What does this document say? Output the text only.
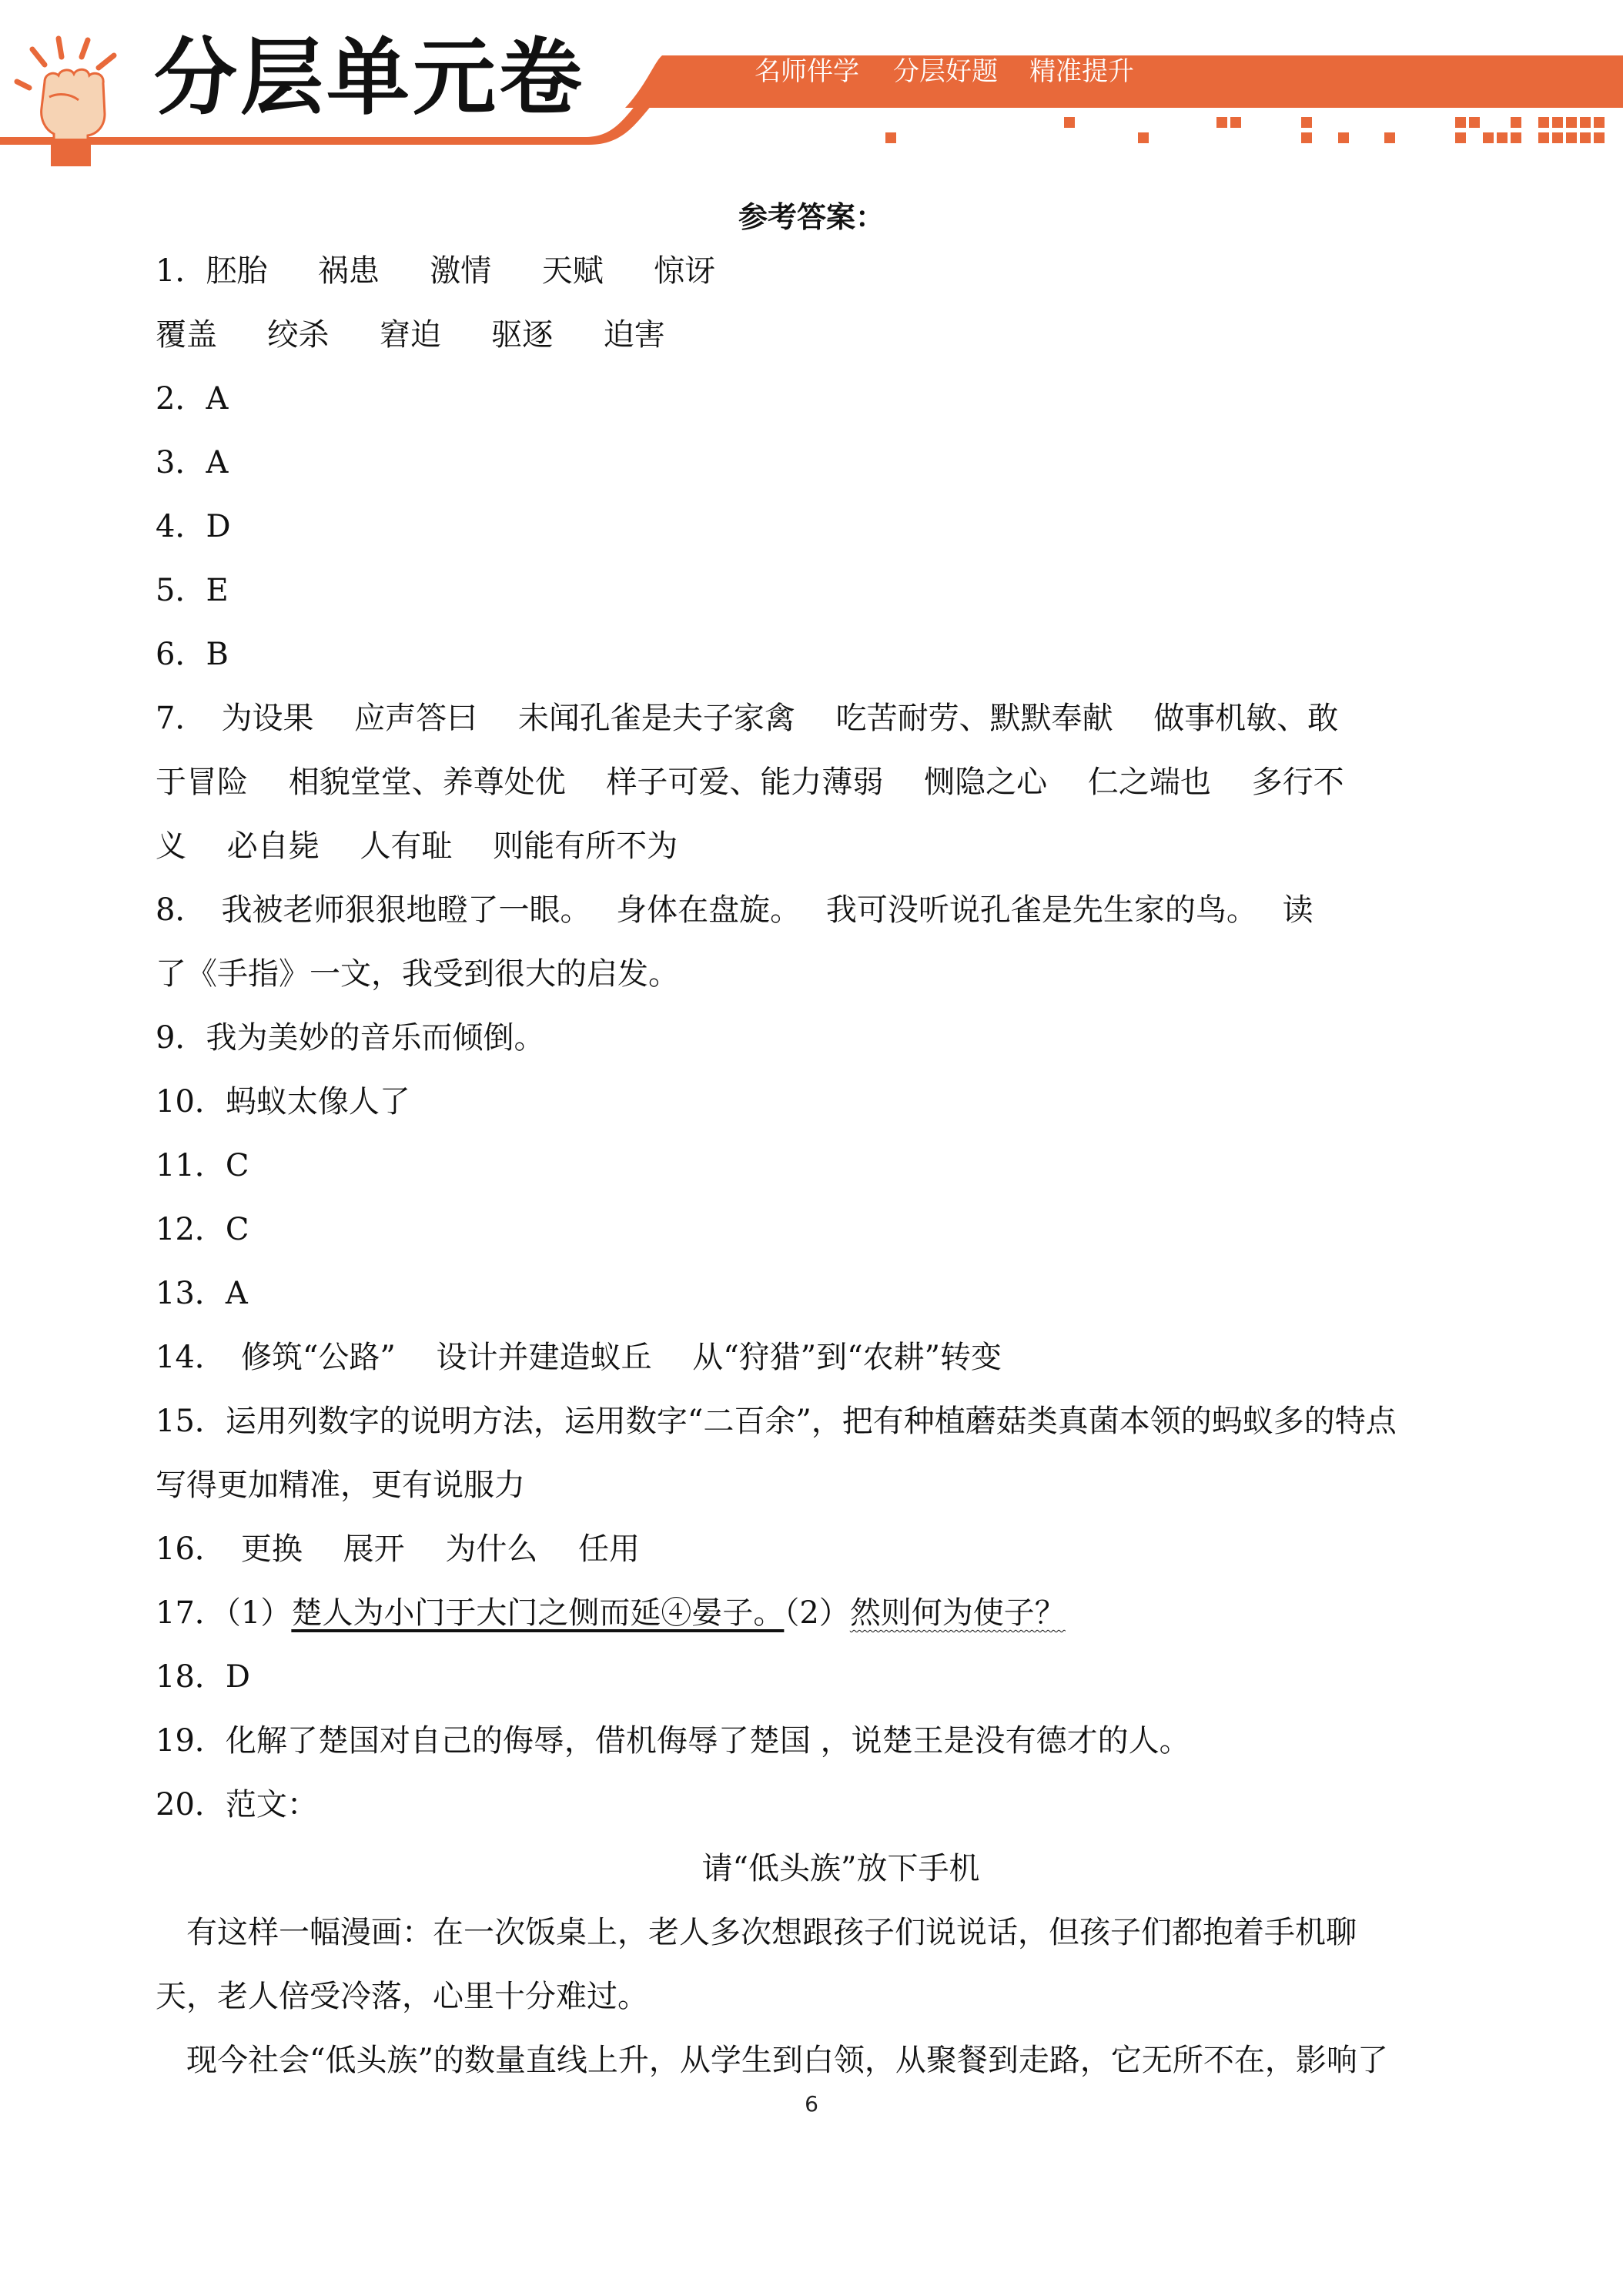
分层单元卷	名师伴学 分层好题 精准提升
参考答案：
1．胚胎　  祸患　  激情　  天赋　  惊讶
覆盖　  绞杀　  窘迫　  驱逐　  迫害
2．A
3．A
4．D
5．E
6．B
7．　为设果　 应声答曰　 未闻孔雀是夫子家禽　 吃苦耐劳、默默奉献　 做事机敏、敢
于冒险　 相貌堂堂、养尊处优　 样子可爱、能力薄弱　 恻隐之心　 仁之端也　 多行不
义　 必自毙　 人有耻　 则能有所不为
8．　我被老师狠狠地瞪了一眼。　 身体在盘旋。　 我可没听说孔雀是先生家的鸟。　 读
了《手指》一文，我受到很大的启发。
9．我为美妙的音乐而倾倒。
10．蚂蚁太像人了
11．C
12．C
13．A
14．　修筑“公路”　 设计并建造蚁丘　 从“狩猎”到“农耕”转变
15．运用列数字的说明方法，运用数字“二百余”，把有种植蘑菇类真菌本领的蚂蚁多的特点
写得更加精准，更有说服力
16．　更换　 展开　 为什么　 任用
17．（1）楚人为小门于大门之侧而延④晏子。（2）然则何为使子？
18．D
19．化解了楚国对自己的侮辱，借机侮辱了楚国 ，说楚王是没有德才的人。
20．范文：
请“低头族”放下手机
　有这样一幅漫画：在一次饭桌上，老人多次想跟孩子们说说话，但孩子们都抱着手机聊
天，老人倍受冷落，心里十分难过。
　现今社会“低头族”的数量直线上升，从学生到白领，从聚餐到走路，它无所不在，影响了
6
